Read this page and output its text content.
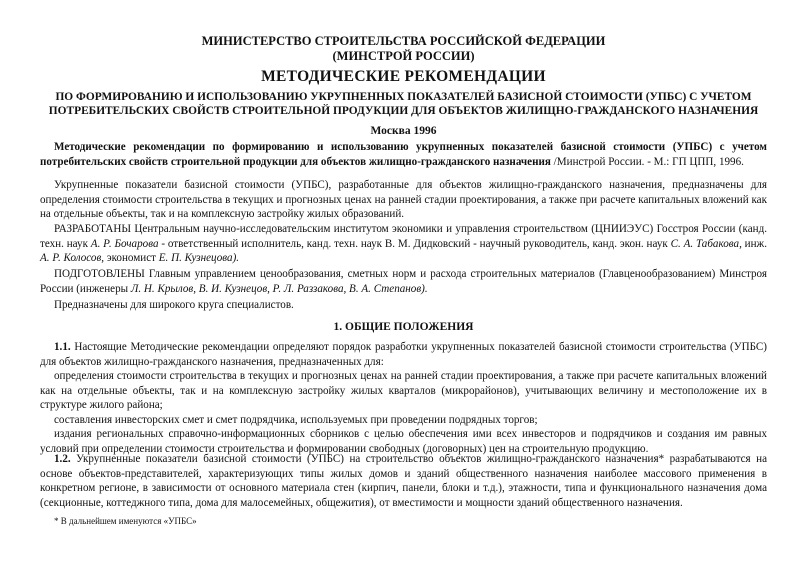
МИНИСТЕРСТВО СТРОИТЕЛЬСТВА РОССИЙСКОЙ ФЕДЕРАЦИИ
(МИНСТРОЙ РОССИИ)
МЕТОДИЧЕСКИЕ РЕКОМЕНДАЦИИ
ПО ФОРМИРОВАНИЮ И ИСПОЛЬЗОВАНИЮ УКРУПНЕННЫХ ПОКАЗАТЕЛЕЙ БАЗИСНОЙ СТОИМОСТИ (УПБС) С УЧЕТОМ ПОТРЕБИТЕЛЬСКИХ СВОЙСТВ СТРОИТЕЛЬНОЙ ПРОДУКЦИИ ДЛЯ ОБЪЕКТОВ ЖИЛИЩНО-ГРАЖДАНСКОГО НАЗНАЧЕНИЯ
Москва 1996
Методические рекомендации по формированию и использованию укрупненных показателей базисной стоимости (УПБС) с учетом потребительских свойств строительной продукции для объектов жилищно-гражданского назначения /Минстрой России. - М.: ГП ЦПП, 1996.
Укрупненные показатели базисной стоимости (УПБС), разработанные для объектов жилищно-гражданского назначения, предназначены для определения стоимости строительства в текущих и прогнозных ценах на ранней стадии проектирования, а также при расчете капитальных вложений как на отдельные объекты, так и на комплексную застройку жилых образований.
РАЗРАБОТАНЫ Центральным научно-исследовательским институтом экономики и управления строительством (ЦНИИЭУС) Госстроя России (канд. техн. наук А. Р. Бочарова - ответственный исполнитель, канд. техн. наук В. М. Дидковский - научный руководитель, канд. экон. наук С. А. Табакова, инж. А. Р. Колосов, экономист Е. П. Кузнецова).
ПОДГОТОВЛЕНЫ Главным управлением ценообразования, сметных норм и расхода строительных материалов (Главценообразованием) Минстроя России (инженеры Л. Н. Крылов, В. И. Кузнецов, Р. Л. Раззакова, В. А. Степанов).
Предназначены для широкого круга специалистов.
1. ОБЩИЕ ПОЛОЖЕНИЯ
1.1. Настоящие Методические рекомендации определяют порядок разработки укрупненных показателей базисной стоимости строительства (УПБС) для объектов жилищно-гражданского назначения, предназначенных для:
определения стоимости строительства в текущих и прогнозных ценах на ранней стадии проектирования, а также при расчете капитальных вложений как на отдельные объекты, так и на комплексную застройку жилых кварталов (микрорайонов), учитывающих величину и местоположение их в структуре жилого района;
составления инвесторских смет и смет подрядчика, используемых при проведении подрядных торгов;
издания региональных справочно-информационных сборников с целью обеспечения ими всех инвесторов и подрядчиков и создания им равных условий при определении стоимости строительства и формировании свободных (договорных) цен на строительную продукцию.
1.2. Укрупненные показатели базисной стоимости (УПБС) на строительство объектов жилищно-гражданского назначения* разрабатываются на основе объектов-представителей, характеризующих типы жилых домов и зданий общественного назначения наиболее массового применения в конкретном регионе, в зависимости от основного материала стен (кирпич, панели, блоки и т.д.), этажности, типа и функционального назначения дома (секционные, коттеджного типа, дома для малосемейных, общежития), от вместимости и мощности зданий общественного назначения.
* В дальнейшем именуются «УПБС»
